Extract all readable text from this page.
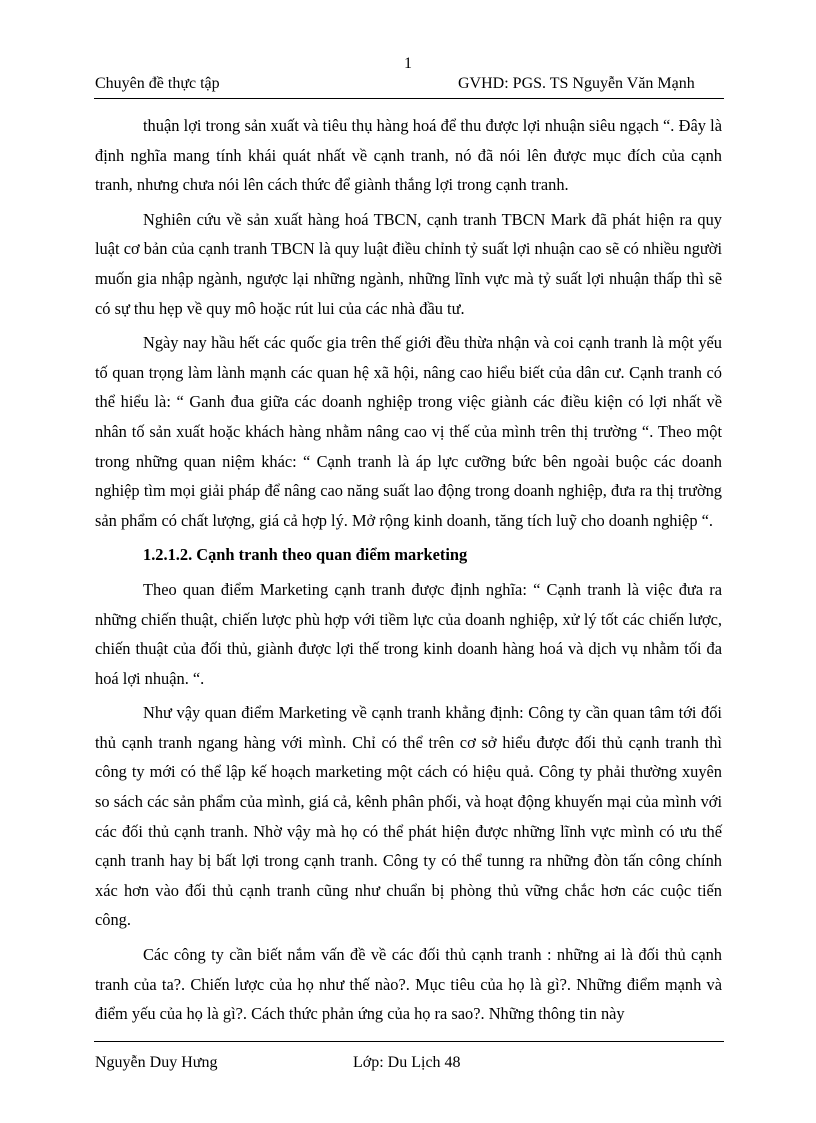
1
Chuyên đề thực tập	GVHD: PGS. TS Nguyễn Văn Mạnh

thuận lợi trong sản xuất và tiêu thụ hàng hoá để thu được lợi nhuận siêu ngạch “. Đây là định nghĩa mang tính khái quát nhất về cạnh tranh, nó đã nói lên được mục đích của cạnh tranh, nhưng chưa nói lên cách thức để giành thắng lợi trong cạnh tranh.

Nghiên cứu về sản xuất hàng hoá TBCN, cạnh tranh TBCN Mark đã phát hiện ra quy luật cơ bản của cạnh tranh TBCN là quy luật điều chỉnh tỷ suất lợi nhuận cao sẽ có nhiều người muốn gia nhập ngành, ngược lại những ngành, những lĩnh vực mà tỷ suất lợi nhuận thấp thì sẽ có sự thu hẹp về quy mô hoặc rút lui của các nhà đầu tư.

Ngày nay hầu hết các quốc gia trên thế giới đều thừa nhận và coi cạnh tranh là một yếu tố quan trọng làm lành mạnh các quan hệ xã hội, nâng cao hiểu biết của dân cư. Cạnh tranh có thể hiểu là: “ Ganh đua giữa các doanh nghiệp trong việc giành các điều kiện có lợi nhất về nhân tố sản xuất hoặc khách hàng nhằm nâng cao vị thế của mình trên thị trường “. Theo một trong những quan niệm khác: “ Cạnh tranh là áp lực cưỡng bức bên ngoài buộc các doanh nghiệp tìm mọi giải pháp để nâng cao năng suất lao động trong doanh nghiệp, đưa ra thị trường sản phẩm có chất lượng, giá cả hợp lý. Mở rộng kinh doanh, tăng tích luỹ cho doanh nghiệp “.

1.2.1.2. Cạnh tranh theo quan điểm marketing

Theo quan điểm Marketing cạnh tranh được định nghĩa: “ Cạnh tranh là việc đưa ra những chiến thuật, chiến lược phù hợp với tiềm lực của doanh nghiệp, xử lý tốt các chiến lược, chiến thuật của đối thủ, giành được lợi thế trong kinh doanh hàng hoá và dịch vụ nhằm tối đa hoá lợi nhuận. “.

Như vậy quan điểm Marketing về cạnh tranh khẳng định: Công ty cần quan tâm tới đối thủ cạnh tranh ngang hàng với mình. Chỉ có thể trên cơ sở hiểu được đối thủ cạnh tranh thì công ty mới có thể lập kế hoạch marketing một cách có hiệu quả. Công ty phải thường xuyên so sách các sản phẩm của mình, giá cả, kênh phân phối, và hoạt động khuyến mại của mình với các đối thủ cạnh tranh. Nhờ vậy mà họ có thể phát hiện được những lĩnh vực mình có ưu thế cạnh tranh hay bị bất lợi trong cạnh tranh. Công ty có thể tunng ra những đòn tấn công chính xác hơn vào đối thủ cạnh tranh cũng như chuẩn bị phòng thủ vững chắc hơn các cuộc tiến công.

Các công ty cần biết nắm vấn đề về các đối thủ cạnh tranh : những ai là đối thủ cạnh tranh của ta?. Chiến lược của họ như thế nào?. Mục tiêu của họ là gì?. Những điểm mạnh và điểm yếu của họ là gì?. Cách thức phản ứng của họ ra sao?. Những thông tin này

Nguyễn Duy Hưng	Lớp: Du Lịch 48
